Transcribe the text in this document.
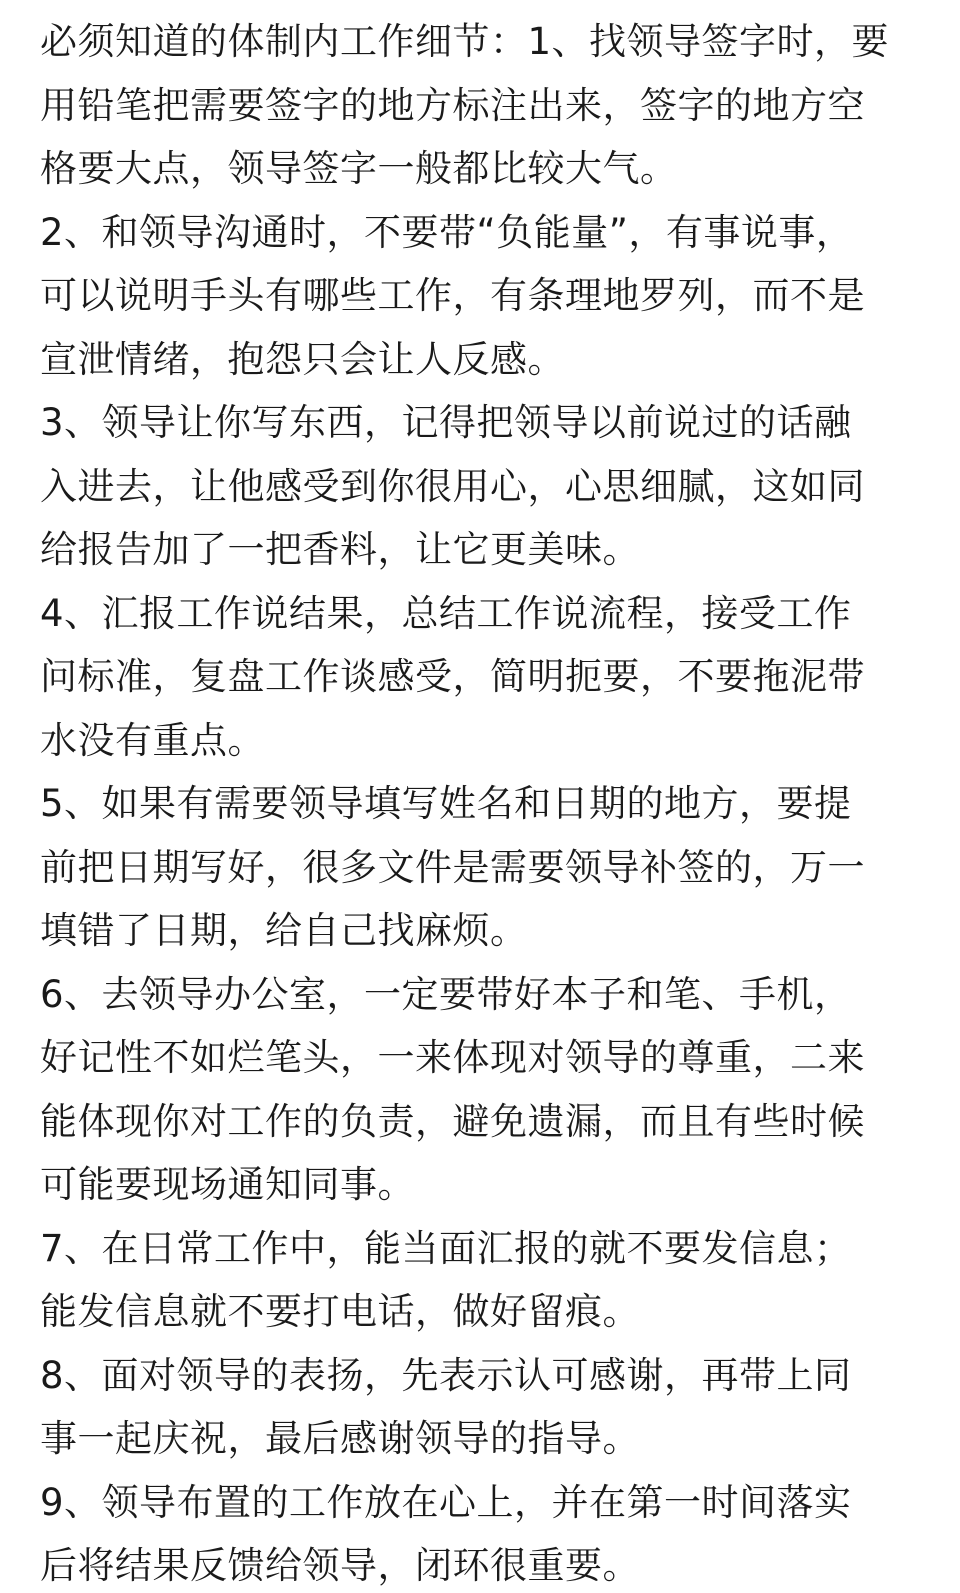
必须知道的体制内工作细节：1、找领导签字时，要
用铅笔把需要签字的地方标注出来，签字的地方空
格要大点，领导签字一般都比较大气。
2、和领导沟通时，不要带“负能量”，有事说事，
可以说明手头有哪些工作，有条理地罗列，而不是
宣泄情绪，抱怨只会让人反感。
3、领导让你写东西，记得把领导以前说过的话融
入进去，让他感受到你很用心，心思细腻，这如同
给报告加了一把香料，让它更美味。
4、汇报工作说结果，总结工作说流程，接受工作
问标准，复盘工作谈感受，简明扼要，不要拖泥带
水没有重点。
5、如果有需要领导填写姓名和日期的地方，要提
前把日期写好，很多文件是需要领导补签的，万一
填错了日期，给自己找麻烦。
6、去领导办公室，一定要带好本子和笔、手机，
好记性不如烂笔头，一来体现对领导的尊重，二来
能体现你对工作的负责，避免遗漏，而且有些时候
可能要现场通知同事。
7、在日常工作中，能当面汇报的就不要发信息；
能发信息就不要打电话，做好留痕。
8、面对领导的表扬，先表示认可感谢，再带上同
事一起庆祝，最后感谢领导的指导。
9、领导布置的工作放在心上，并在第一时间落实
后将结果反馈给领导，闭环很重要。
